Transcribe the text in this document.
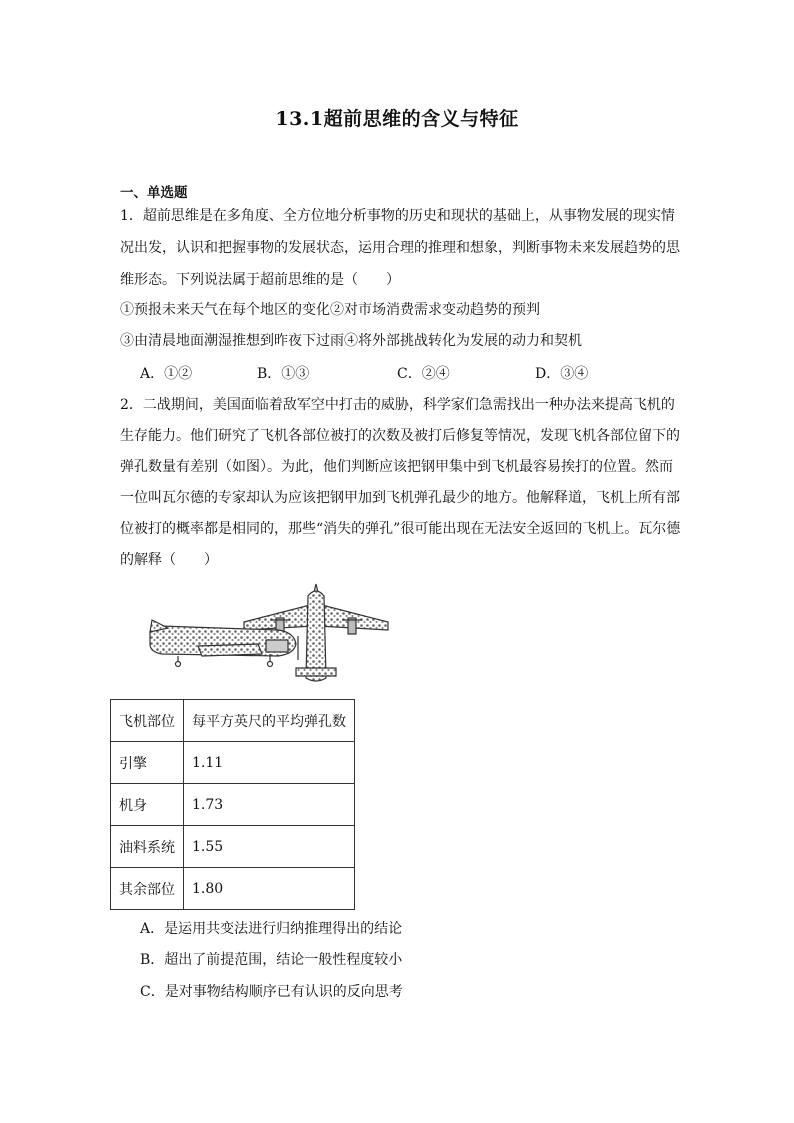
13.1超前思维的含义与特征
一、单选题
1．超前思维是在多角度、全方位地分析事物的历史和现状的基础上，从事物发展的现实情
况出发，认识和把握事物的发展状态，运用合理的推理和想象，判断事物未来发展趋势的思
维形态。下列说法属于超前思维的是（　　）
①预报未来天气在每个地区的变化②对市场消费需求变动趋势的预判
③由清晨地面潮湿推想到昨夜下过雨④将外部挑战转化为发展的动力和契机
A．①②	B．①③	C．②④	D．③④
2．二战期间，美国面临着敌军空中打击的威胁，科学家们急需找出一种办法来提高飞机的
生存能力。他们研究了飞机各部位被打的次数及被打后修复等情况，发现飞机各部位留下的
弹孔数量有差别（如图）。为此，他们判断应该把钢甲集中到飞机最容易挨打的位置。然而
一位叫瓦尔德的专家却认为应该把钢甲加到飞机弹孔最少的地方。他解释道，飞机上所有部
位被打的概率都是相同的，那些“消失的弹孔”很可能出现在无法安全返回的飞机上。瓦尔德
的解释（　　）
飞机部位	每平方英尺的平均弹孔数
引擎	1.11
机身	1.73
油料系统	1.55
其余部位	1.80
A．是运用共变法进行归纳推理得出的结论
B．超出了前提范围，结论一般性程度较小
C．是对事物结构顺序已有认识的反向思考
